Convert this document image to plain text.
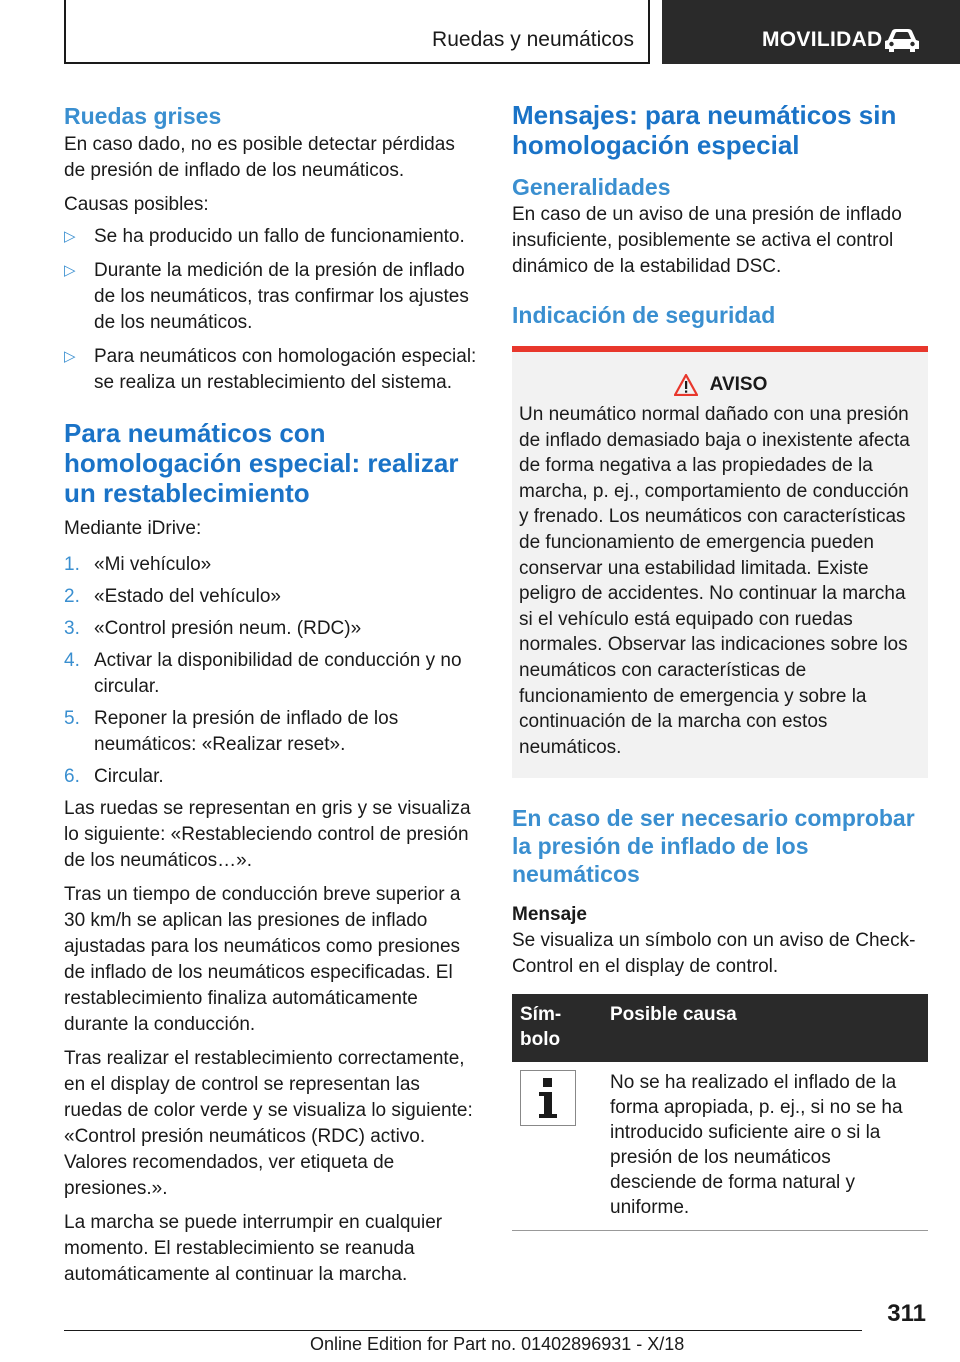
Ruedas y neumáticos	MOVILIDAD
Ruedas grises

En caso dado, no es posible detectar pérdidas de presión de inflado de los neumáticos.

Causas posibles:

▷ Se ha producido un fallo de funcionamiento.
▷ Durante la medición de la presión de inflado de los neumáticos, tras confirmar los ajustes de los neumáticos.
▷ Para neumáticos con homologación especial: se realiza un restablecimiento del sistema.
Para neumáticos con homologación especial: realizar un restablecimiento

Mediante iDrive:

1. «Mi vehículo»
2. «Estado del vehículo»
3. «Control presión neum. (RDC)»
4. Activar la disponibilidad de conducción y no circular.
5. Reponer la presión de inflado de los neumáticos: «Realizar reset».
6. Circular.

Las ruedas se representan en gris y se visualiza lo siguiente: «Restableciendo control de presión de los neumáticos…».

Tras un tiempo de conducción breve superior a 30 km/h se aplican las presiones de inflado ajustadas para los neumáticos como presiones de inflado de los neumáticos especificadas. El restablecimiento finaliza automáticamente durante la conducción.

Tras realizar el restablecimiento correctamente, en el display de control se representan las ruedas de color verde y se visualiza lo siguiente: «Control presión neumáticos (RDC) activo. Valores recomendados, ver etiqueta de presiones.».

La marcha se puede interrumpir en cualquier momento. El restablecimiento se reanuda automáticamente al continuar la marcha.

Mensajes: para neumáticos sin homologación especial
Generalidades

En caso de un aviso de una presión de inflado insuficiente, posiblemente se activa el control dinámico de la estabilidad DSC.

Indicación de seguridad
AVISO

Un neumático normal dañado con una presión de inflado demasiado baja o inexistente afecta de forma negativa a las propiedades de la marcha, p. ej., comportamiento de conducción y frenado. Los neumáticos con características de funcionamiento de emergencia pueden conservar una estabilidad limitada. Existe peligro de accidentes. No continuar la marcha si el vehículo está equipado con ruedas normales. Observar las indicaciones sobre los neumáticos con características de funcionamiento de emergencia y sobre la continuación de la marcha con estos neumáticos.

En caso de ser necesario comprobar la presión de inflado de los neumáticos
Mensaje

Se visualiza un símbolo con un aviso de Check-Control en el display de control.

Sím-
bolo	Posible causa

	No se ha realizado el inflado de la forma apropiada, p. ej., si no se ha introducido suficiente aire o si la presión de los neumáticos desciende de forma natural y uniforme.
311
Online Edition for Part no. 01402896931 - X/18
